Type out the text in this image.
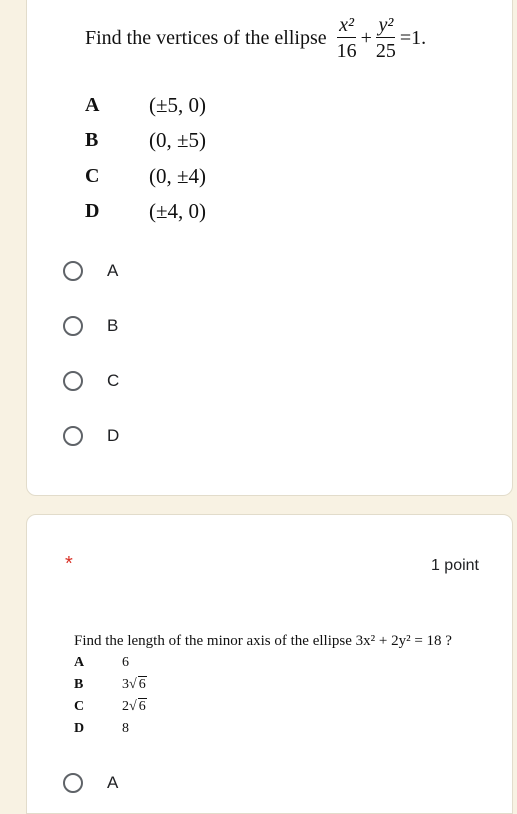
Find the vertices of the ellipse $\frac{\text{x²}}{16} + \frac{\text{y²}}{25} =1$.
A	(±5, 0)
B	(0, ±5)
C	(0, ±4)
D	(±4, 0)
A
B
C
D
*	1 point
Find the length of the minor axis of the ellipse 3x² + 2y² = 18 ?
A	6
B	3√ 6
C	2√ 6
D	8
A
